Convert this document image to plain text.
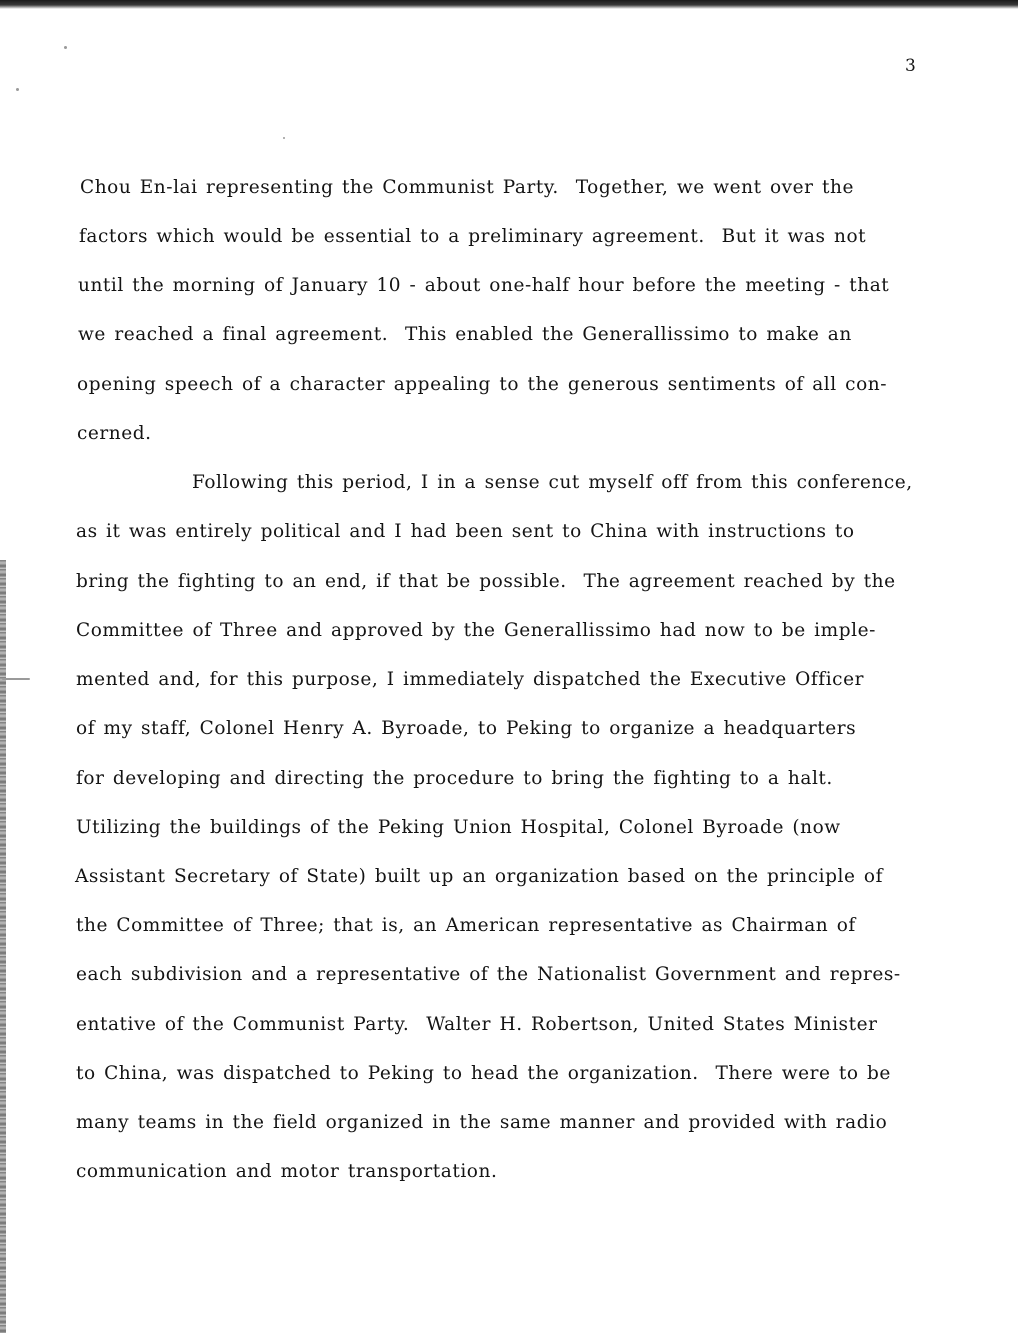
3

Chou En-lai representing the Communist Party.  Together, we went over the

factors which would be essential to a preliminary agreement.  But it was not

until the morning of January 10 - about one-half hour before the meeting - that

we reached a final agreement.  This enabled the Generallissimo to make an

opening speech of a character appealing to the generous sentiments of all con-

cerned.

Following this period, I in a sense cut myself off from this conference,

as it was entirely political and I had been sent to China with instructions to

bring the fighting to an end, if that be possible.  The agreement reached by the

Committee of Three and approved by the Generallissimo had now to be imple-

mented and, for this purpose, I immediately dispatched the Executive Officer

of my staff, Colonel Henry A. Byroade, to Peking to organize a headquarters

for developing and directing the procedure to bring the fighting to a halt.

Utilizing the buildings of the Peking Union Hospital, Colonel Byroade (now

Assistant Secretary of State) built up an organization based on the principle of

the Committee of Three; that is, an American representative as Chairman of

each subdivision and a representative of the Nationalist Government and repres-

entative of the Communist Party.  Walter H. Robertson, United States Minister

to China, was dispatched to Peking to head the organization.  There were to be

many teams in the field organized in the same manner and provided with radio

communication and motor transportation.
